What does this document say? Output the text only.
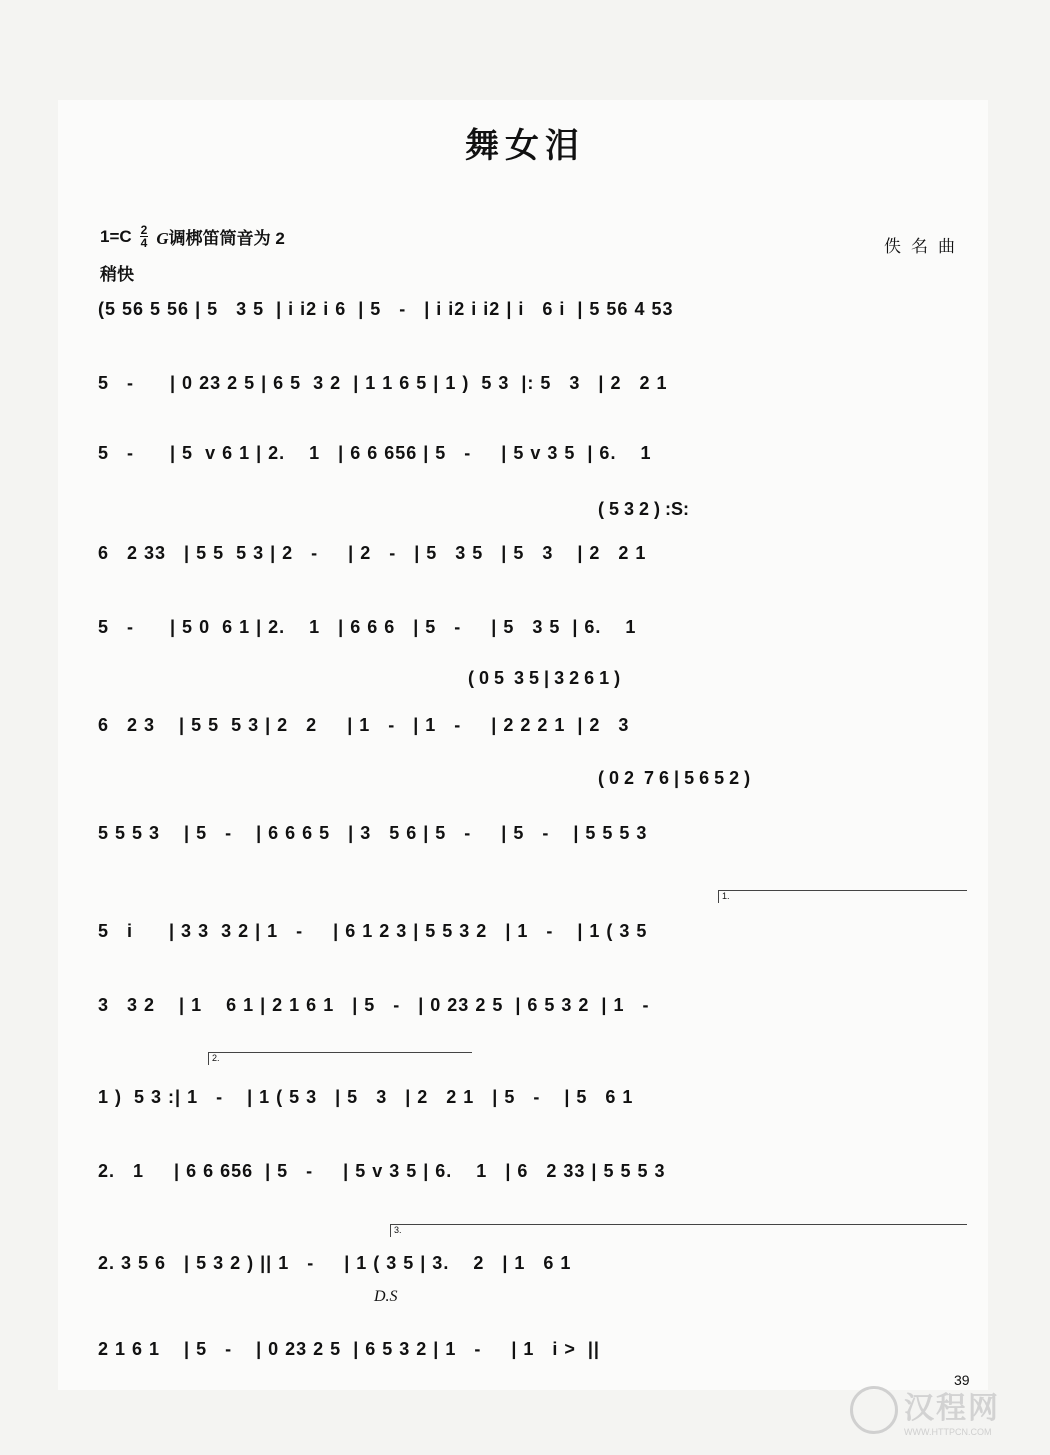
舞女泪
$1=C \frac{2}{4}$ G调梆笛筒音为 2	佚名曲
稍快
(5 56 5 56 | 5   3 5  | i i2 i 6  | 5   -   | i i2 i i2 | i   6 i  | 5 56 4 53
5   -      | 0 23 2 5 | 6 5  3 2  | 1 1 6 5 | 1 )  5 3  |: 5   3   | 2   2 1
5   -      | 5  v 6 1 | 2.    1   | 6 6 656 | 5   -     | 5 v 3 5  | 6.    1
6   2 33   | 5 5  5 3 | 2   -     | 2   -   | 5   3 5   | 5   3    | 2   2 1
5   -      | 5 0  6 1 | 2.    1   | 6 6 6   | 5   -     | 5   3 5  | 6.    1
6   2 3    | 5 5  5 3 | 2   2     | 1   -   | 1   -     | 2 2 2 1  | 2   3
5 5 5 3    | 5   -    | 6 6 6 5   | 3   5 6 | 5   -     | 5   -    | 5 5 5 3
5   i      | 3 3  3 2 | 1   -     | 6 1 2 3 | 5 5 3 2   | 1   -    | 1 ( 3 5
3   3 2    | 1    6 1 | 2 1 6 1   | 5   -   | 0 23 2 5  | 6 5 3 2  | 1   -
1 )  5 3 :| 1   -    | 1 ( 5 3   | 5   3   | 2   2 1   | 5   -    | 5   6 1
2.   1     | 6 6 656  | 5   -     | 5 v 3 5 | 6.    1   | 6   2 33 | 5 5 5 3
2. 3 5 6   | 5 3 2 ) || 1   -     | 1 ( 3 5 | 3.    2   | 1   6 1
2 1 6 1    | 5   -    | 0 23 2 5  | 6 5 3 2 | 1   -     | 1   i >  ||
( 5 3 2 ) :S:
( 0 5  3 5 | 3 2 6 1 )
( 0 2  7 6 | 5 6 5 2 )
1.
2.
3.
D.S
39
汉程网
WWW.HTTPCN.COM
